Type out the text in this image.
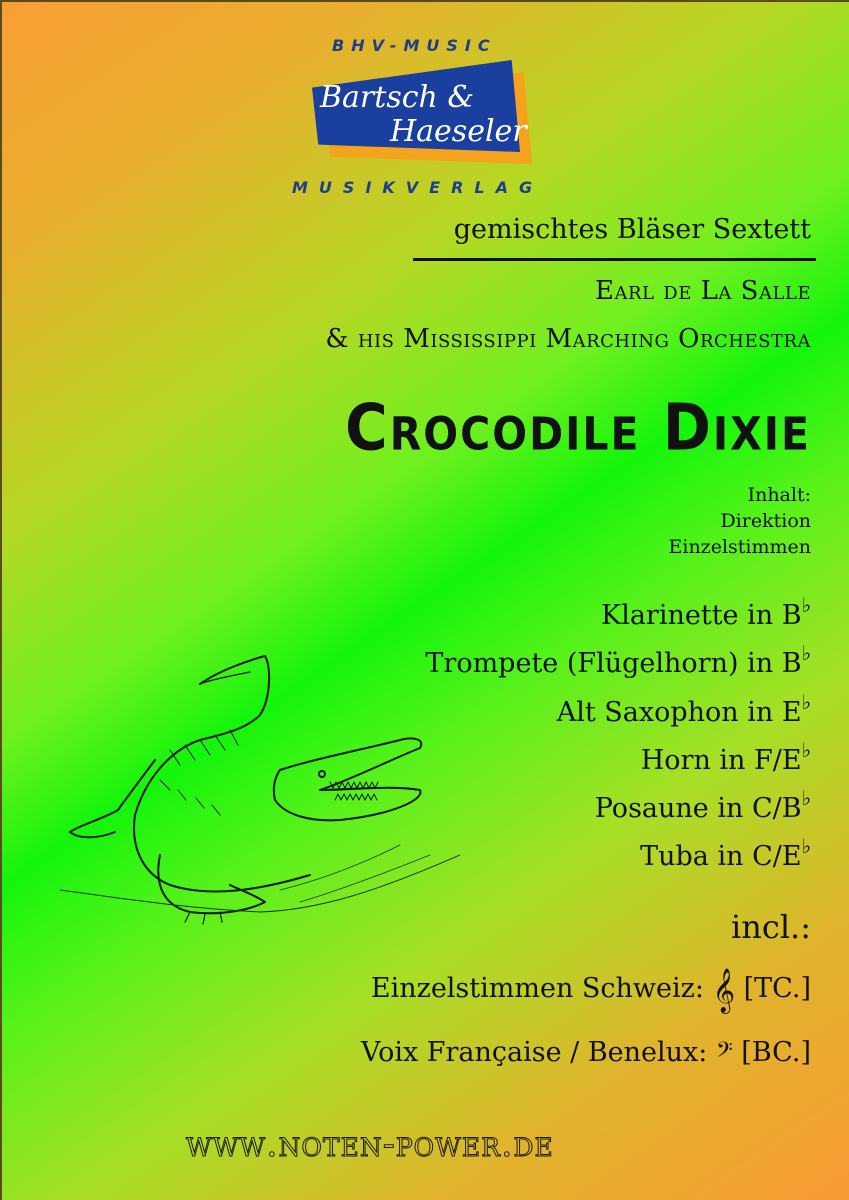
BHV-MUSIC
Bartsch &
Haeseler
MUSIKVERLAG
gemischtes Bläser Sextett
Earl de La Salle
& his Mississippi Marching Orchestra
Crocodile Dixie
Inhalt:
Direktion
Einzelstimmen
Klarinette in B♭
Trompete (Flügelhorn) in B♭
Alt Saxophon in E♭
Horn in F/E♭
Posaune in C/B♭
Tuba in C/E♭
incl.:
Einzelstimmen Schweiz: 𝄞 [TC.]
Voix Française / Benelux: 𝄢 [BC.]
www.noten-power.de
